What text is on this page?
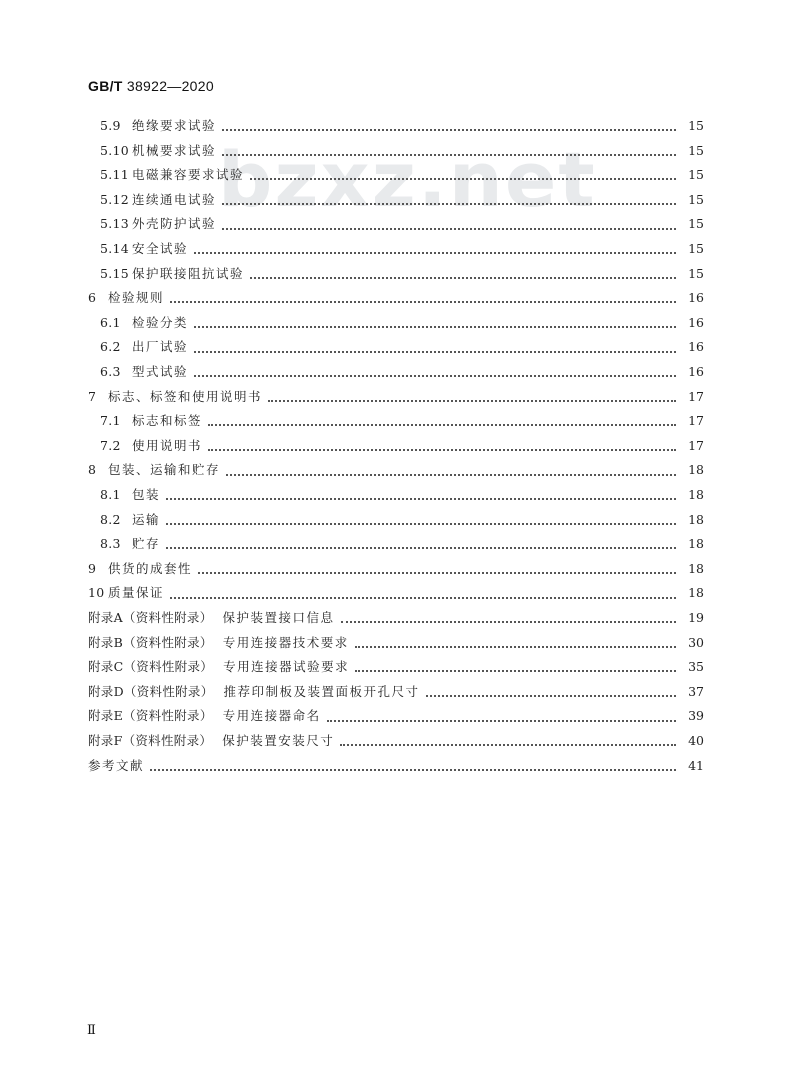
GB/T 38922—2020
bzxz.net
5.9 绝缘要求试验	15
5.10 机械要求试验	15
5.11 电磁兼容要求试验	15
5.12 连续通电试验	15
5.13 外壳防护试验	15
5.14 安全试验	15
5.15 保护联接阻抗试验	15
6 检验规则	16
6.1 检验分类	16
6.2 出厂试验	16
6.3 型式试验	16
7 标志、标签和使用说明书	17
7.1 标志和标签	17
7.2 使用说明书	17
8 包装、运输和贮存	18
8.1 包装	18
8.2 运输	18
8.3 贮存	18
9 供货的成套性	18
10 质量保证	18
附录A（资料性附录） 保护装置接口信息	19
附录B（资料性附录） 专用连接器技术要求	30
附录C（资料性附录） 专用连接器试验要求	35
附录D（资料性附录） 推荐印制板及装置面板开孔尺寸	37
附录E（资料性附录） 专用连接器命名	39
附录F（资料性附录） 保护装置安装尺寸	40
参考文献	41
Ⅱ
